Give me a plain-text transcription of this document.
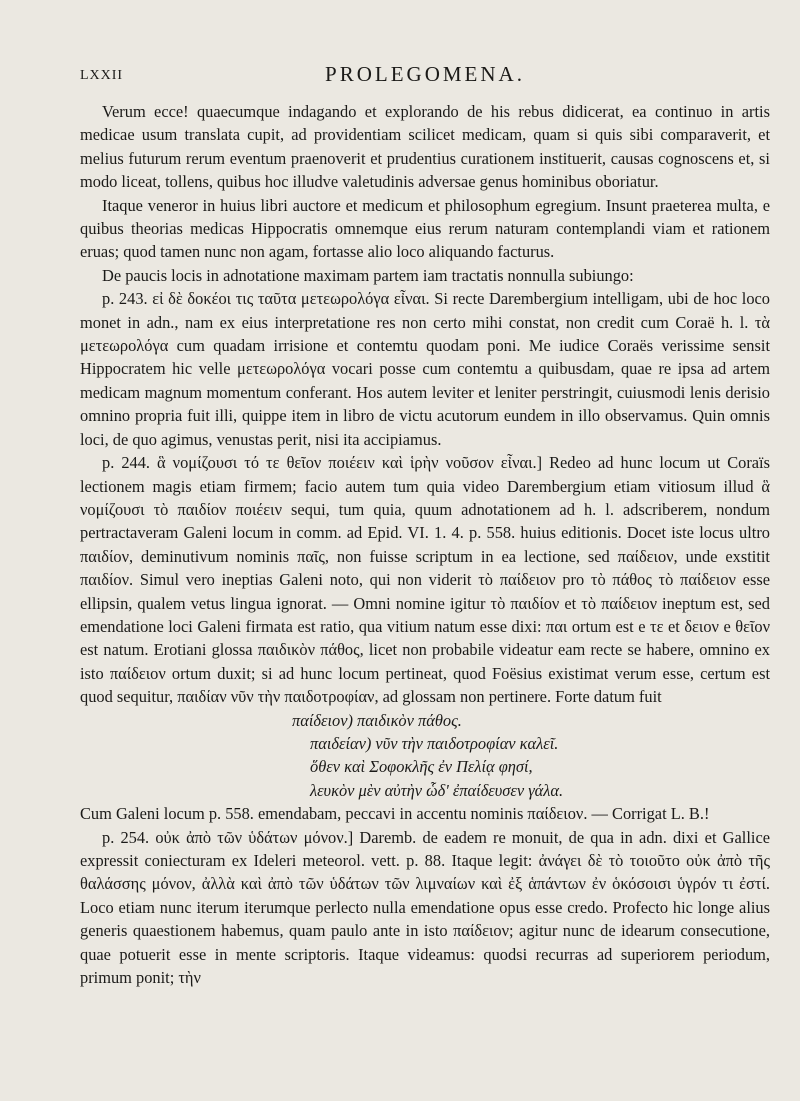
LXXII	PROLEGOMENA.

Verum ecce! quaecumque indagando et explorando de his rebus didicerat, ea continuo in artis medicae usum translata cupit, ad providentiam scilicet medicam, quam si quis sibi comparaverit, et melius futurum rerum eventum praenoverit et prudentius curationem instituerit, causas cognoscens et, si modo liceat, tollens, quibus hoc illudve valetudinis adversae genus hominibus oboriatur.

Itaque veneror in huius libri auctore et medicum et philosophum egregium. Insunt praeterea multa, e quibus theorias medicas Hippocratis omnemque eius rerum naturam contemplandi viam et rationem eruas; quod tamen nunc non agam, fortasse alio loco aliquando facturus.

De paucis locis in adnotatione maximam partem iam tractatis nonnulla subiungo:

p. 243. εἰ δὲ δοκέοι τις ταῦτα μετεωρολόγα εἶναι. Si recte Darembergium intelligam, ubi de hoc loco monet in adn., nam ex eius interpretatione res non certo mihi constat, non credit cum Coraë h. l. τὰ μετεωρολόγα cum quadam irrisione et contemtu quodam poni. Me iudice Coraës verissime sensit Hippocratem hic velle μετεωρολόγα vocari posse cum contemtu a quibusdam, quae re ipsa ad artem medicam magnum momentum conferant. Hos autem leviter et leniter perstringit, cuiusmodi lenis derisio omnino propria fuit illi, quippe item in libro de victu acutorum eundem in illo observamus. Quin omnis loci, de quo agimus, venustas perit, nisi ita accipiamus.

p. 244. ἃ νομίζουσι τό τε θεῖον ποιέειν καὶ ἱρὴν νοῦσον εἶναι.] Redeo ad hunc locum ut Coraïs lectionem magis etiam firmem; facio autem tum quia video Darembergium etiam vitiosum illud ἃ νομίζουσι τὸ παιδίον ποιέειν sequi, tum quia, quum adnotationem ad h. l. adscriberem, nondum pertractaveram Galeni locum in comm. ad Epid. VI. 1. 4. p. 558. huius editionis. Docet iste locus ultro παιδίον, deminutivum nominis παῖς, non fuisse scriptum in ea lectione, sed παίδειον, unde exstitit παιδίον. Simul vero ineptias Galeni noto, qui non viderit τὸ παίδειον pro τὸ πάθος τὸ παίδειον esse ellipsin, qualem vetus lingua ignorat. — Omni nomine igitur τὸ παιδίον et τὸ παίδειον ineptum est, sed emendatione loci Galeni firmata est ratio, qua vitium natum esse dixi: παι ortum est e τε et δειον e θεῖον est natum. Erotiani glossa παιδικὸν πάθος, licet non probabile videatur eam recte se habere, omnino ex isto παίδειον ortum duxit; si ad hunc locum pertineat, quod Foësius existimat verum esse, certum est quod sequitur, παιδίαν νῦν τὴν παιδοτροφίαν, ad glossam non pertinere. Forte datum fuit

παίδειον) παιδικὸν πάθος.

παιδείαν) νῦν τὴν παιδοτροφίαν καλεῖ.

ὅθεν καὶ Σοφοκλῆς ἐν Πελίᾳ φησί,

λευκὸν μὲν αὐτὴν ὧδ' ἐπαίδευσεν γάλα.

Cum Galeni locum p. 558. emendabam, peccavi in accentu nominis παίδειον. — Corrigat L. B.!

p. 254. οὐκ ἀπὸ τῶν ὑδάτων μόνον.] Daremb. de eadem re monuit, de qua in adn. dixi et Gallice expressit coniecturam ex Ideleri meteorol. vett. p. 88. Itaque legit: ἀνάγει δὲ τὸ τοιοῦτο οὐκ ἀπὸ τῆς θαλάσσης μόνον, ἀλλὰ καὶ ἀπὸ τῶν ὑδάτων τῶν λιμναίων καὶ ἐξ ἁπάντων ἐν ὁκόσοισι ὑγρόν τι ἐστί. Loco etiam nunc iterum iterumque perlecto nulla emendatione opus esse credo. Profecto hic longe alius generis quaestionem habemus, quam paulo ante in isto παίδειον; agitur nunc de idearum consecutione, quae potuerit esse in mente scriptoris. Itaque videamus: quodsi recurras ad superiorem periodum, primum ponit; τὴν
